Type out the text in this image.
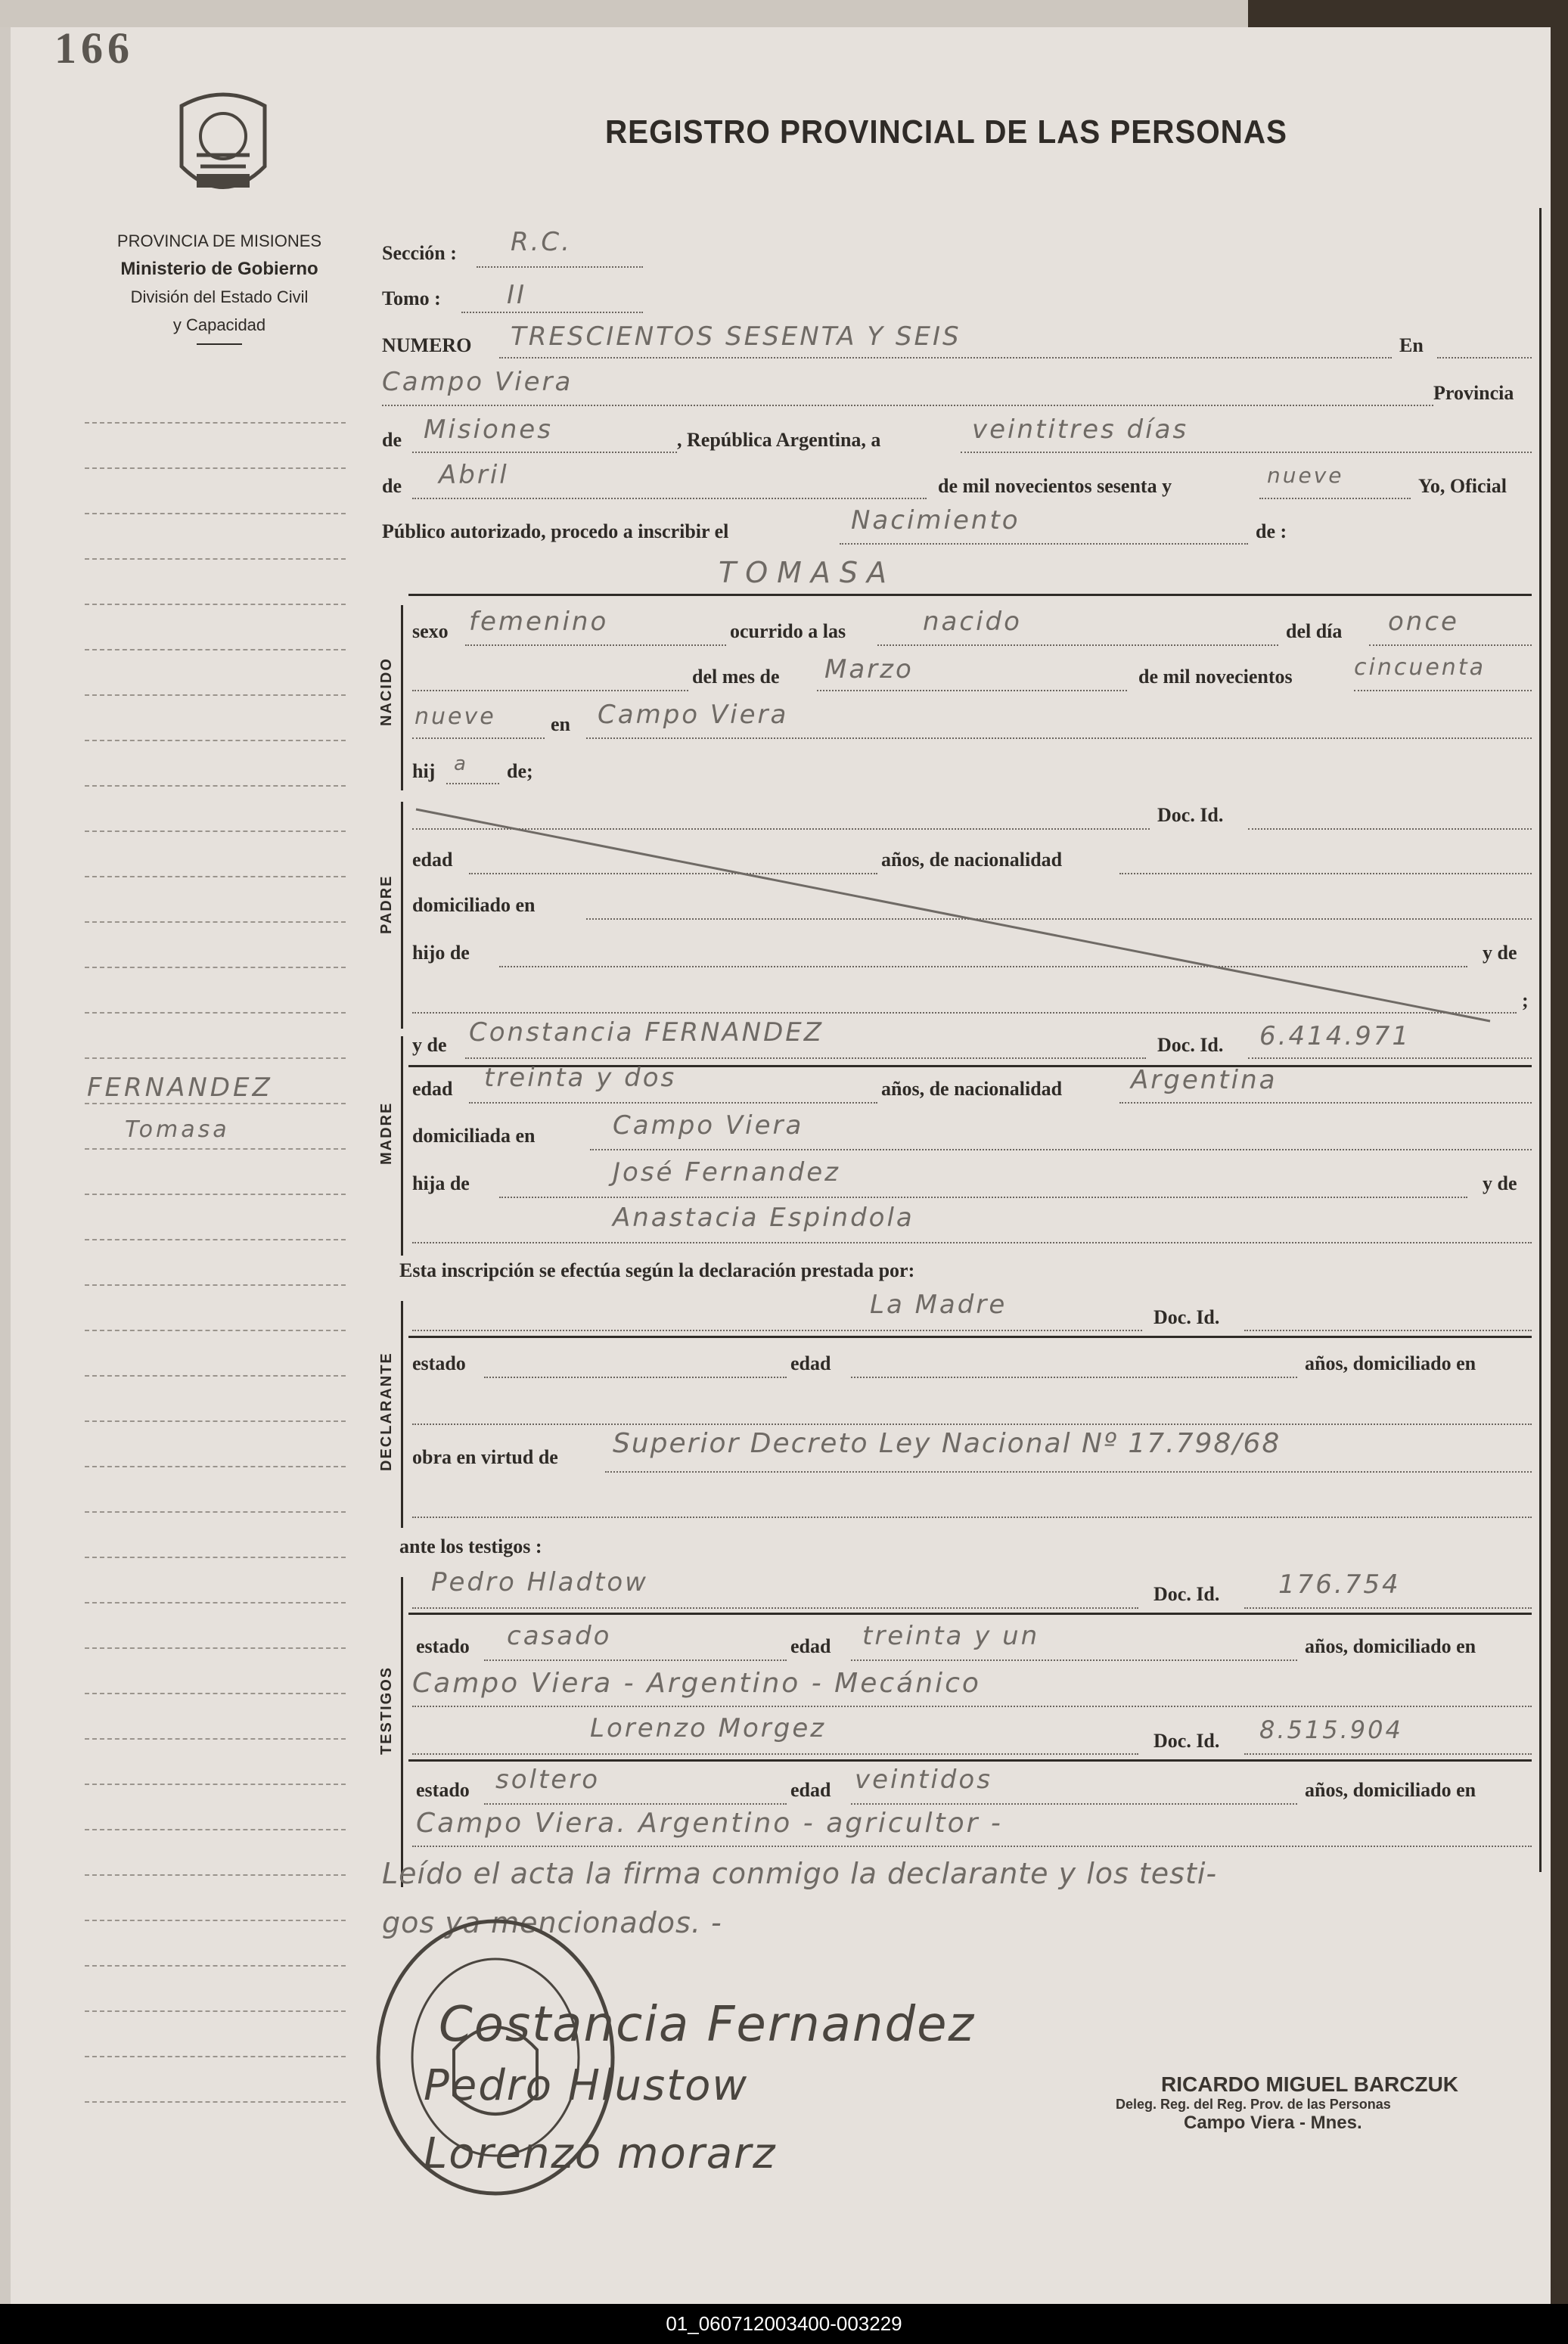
166
REGISTRO PROVINCIAL DE LAS PERSONAS
PROVINCIA DE MISIONES
Ministerio de Gobierno
División del Estado Civil
y Capacidad
FERNANDEZ
Tomasa
Sección : R.C.
Tomo :	II
NUMERO TRESCIENTOS SESENTA Y SEIS	En
Campo Viera	Provincia
de Misiones	, República Argentina, a	veintitres días
de Abril	de mil novecientos sesenta y	nueve	Yo, Oficial
Público autorizado, procedo a inscribir el	Nacimiento	de :
TOMASA
NACIDO
sexo femenino	ocurrido a las	nacido	del día once
del mes de Marzo	de mil novecientos	cincuenta
nueve	en Campo Viera
hij a de;
PADRE
Doc. Id.
edad	años, de nacionalidad
domiciliado en
hijo de	y de
;
MADRE
y de Constancia FERNANDEZ	Doc. Id. 6.414.971
edad treinta y dos	años, de nacionalidad	Argentina
domiciliada en	Campo Viera
hija de	José Fernandez	y de
Anastacia Espindola
Esta inscripción se efectúa según la declaración prestada por:
DECLARANTE
La Madre	Doc. Id.
estado	edad	años, domiciliado en
obra en virtud de Superior Decreto Ley Nacional Nº 17.798/68
ante los testigos :
TESTIGOS
Pedro Hladtow	Doc. Id. 176.754
estado casado	edad treinta y un	años, domiciliado en
Campo Viera - Argentino - Mecánico
Lorenzo Morgez	Doc. Id. 8.515.904
estado soltero	edad veintidos	años, domiciliado en
Campo Viera. Argentino - agricultor -
Leído el acta la firma conmigo la declarante y los testi-
gos ya mencionados. -
Costancia Fernandez
Pedro Hlustow
Lorenzo morarz
RICARDO MIGUEL BARCZUK
Deleg. Reg. del Reg. Prov. de las Personas
Campo Viera - Mnes.
01_060712003400-003229
